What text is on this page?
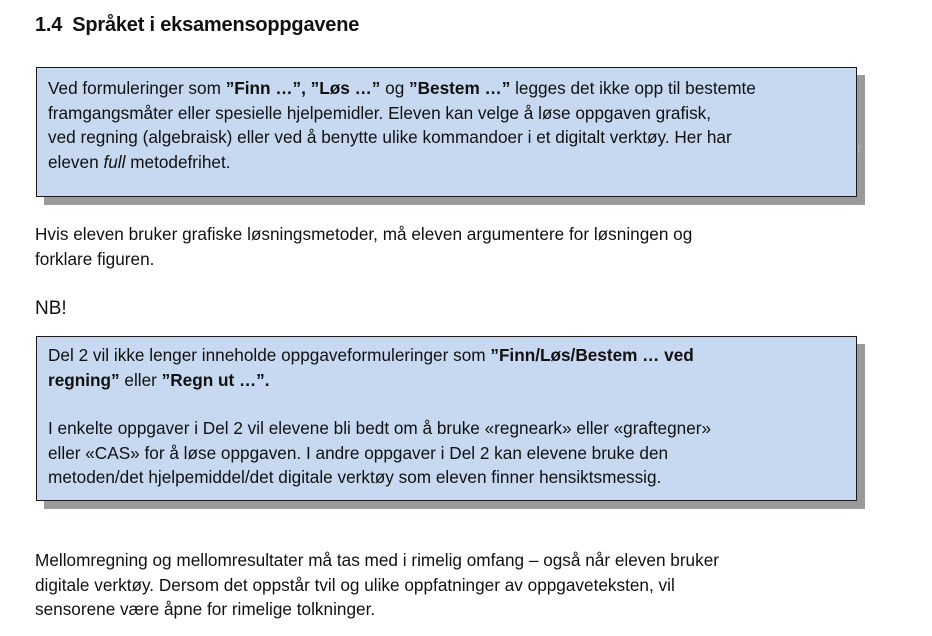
1.4 Språket i eksamensoppgavene

Ved formuleringer som ”Finn …”, ”Løs …” og ”Bestem …” legges det ikke opp til bestemte

framgangsmåter eller spesielle hjelpemidler. Eleven kan velge å løse oppgaven grafisk,

ved regning (algebraisk) eller ved å benytte ulike kommandoer i et digitalt verktøy. Her har

eleven full metodefrihet.

r
Hvis eleven bruker grafiske løsningsmetoder, må eleven argumentere for løsningen og
forklare figuren.
NB!

Del 2 vil ikke lenger inneholde oppgaveformuleringer som ”Finn/Løs/Bestem … ved

regning” eller ”Regn ut …”.

I enkelte oppgaver i Del 2 vil elevene bli bedt om å bruke «regneark» eller «graftegner»

eller «CAS» for å løse oppgaven. I andre oppgaver i Del 2 kan elevene bruke den

metoden/det hjelpemiddel/det digitale verktøy som eleven finner hensiktsmessig.

Mellomregning og mellomresultater må tas med i rimelig omfang – også når eleven bruker
digitale verktøy. Dersom det oppstår tvil og ulike oppfatninger av oppgaveteksten, vil
sensorene være åpne for rimelige tolkninger.
